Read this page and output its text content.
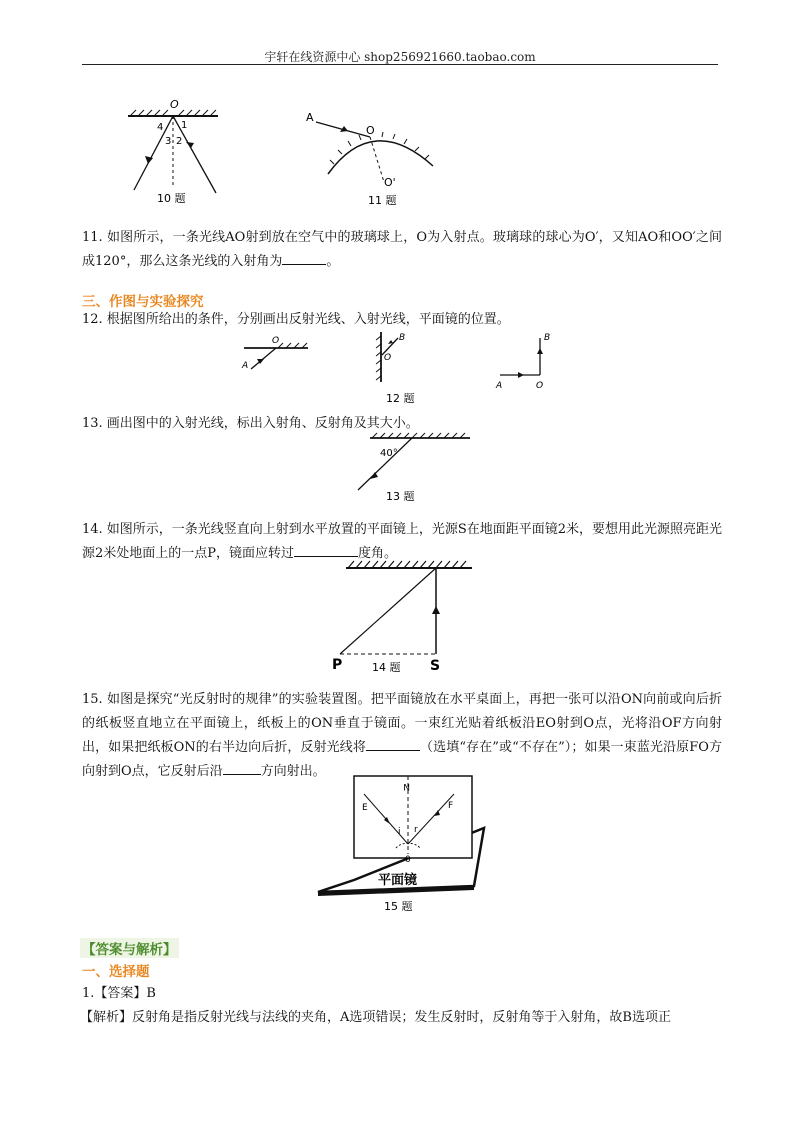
宇轩在线资源中心 shop256921660.taobao.com
O
1
2
3
4
10 题
A
O
O'
11 题
11. 如图所示，一条光线AO射到放在空气中的玻璃球上，O为入射点。玻璃球的球心为O′，又知AO和OO′之间成120°，那么这条光线的入射角为	。
三、作图与实验探究
12. 根据图所给出的条件，分别画出反射光线、入射光线，平面镜的位置。
O
A
O
B
A	O
B
12 题
13. 画出图中的入射光线，标出入射角、反射角及其大小。
40°
13 题
14. 如图所示，一条光线竖直向上射到水平放置的平面镜上，光源S在地面距平面镜2米，要想用此光源照亮距光源2米处地面上的一点P，镜面应转过	度角。
P	S
14 题
15. 如图是探究“光反射时的规律”的实验装置图。把平面镜放在水平桌面上，再把一张可以沿ON向前或向后折的纸板竖直地立在平面镜上，纸板上的ON垂直于镜面。一束红光贴着纸板沿EO射到O点，光将沿OF方向射出，如果把纸板ON的右半边向后折，反射光线将	（选填“存在”或“不存在”）；如果一束蓝光沿原FO方向射到O点，它反射后沿	方向射出。
E
N
F
i r
0
平面镜
15 题
【答案与解析】
一、选择题
1.【答案】B
【解析】反射角是指反射光线与法线的夹角，A选项错误；发生反射时，反射角等于入射角，故B选项正
